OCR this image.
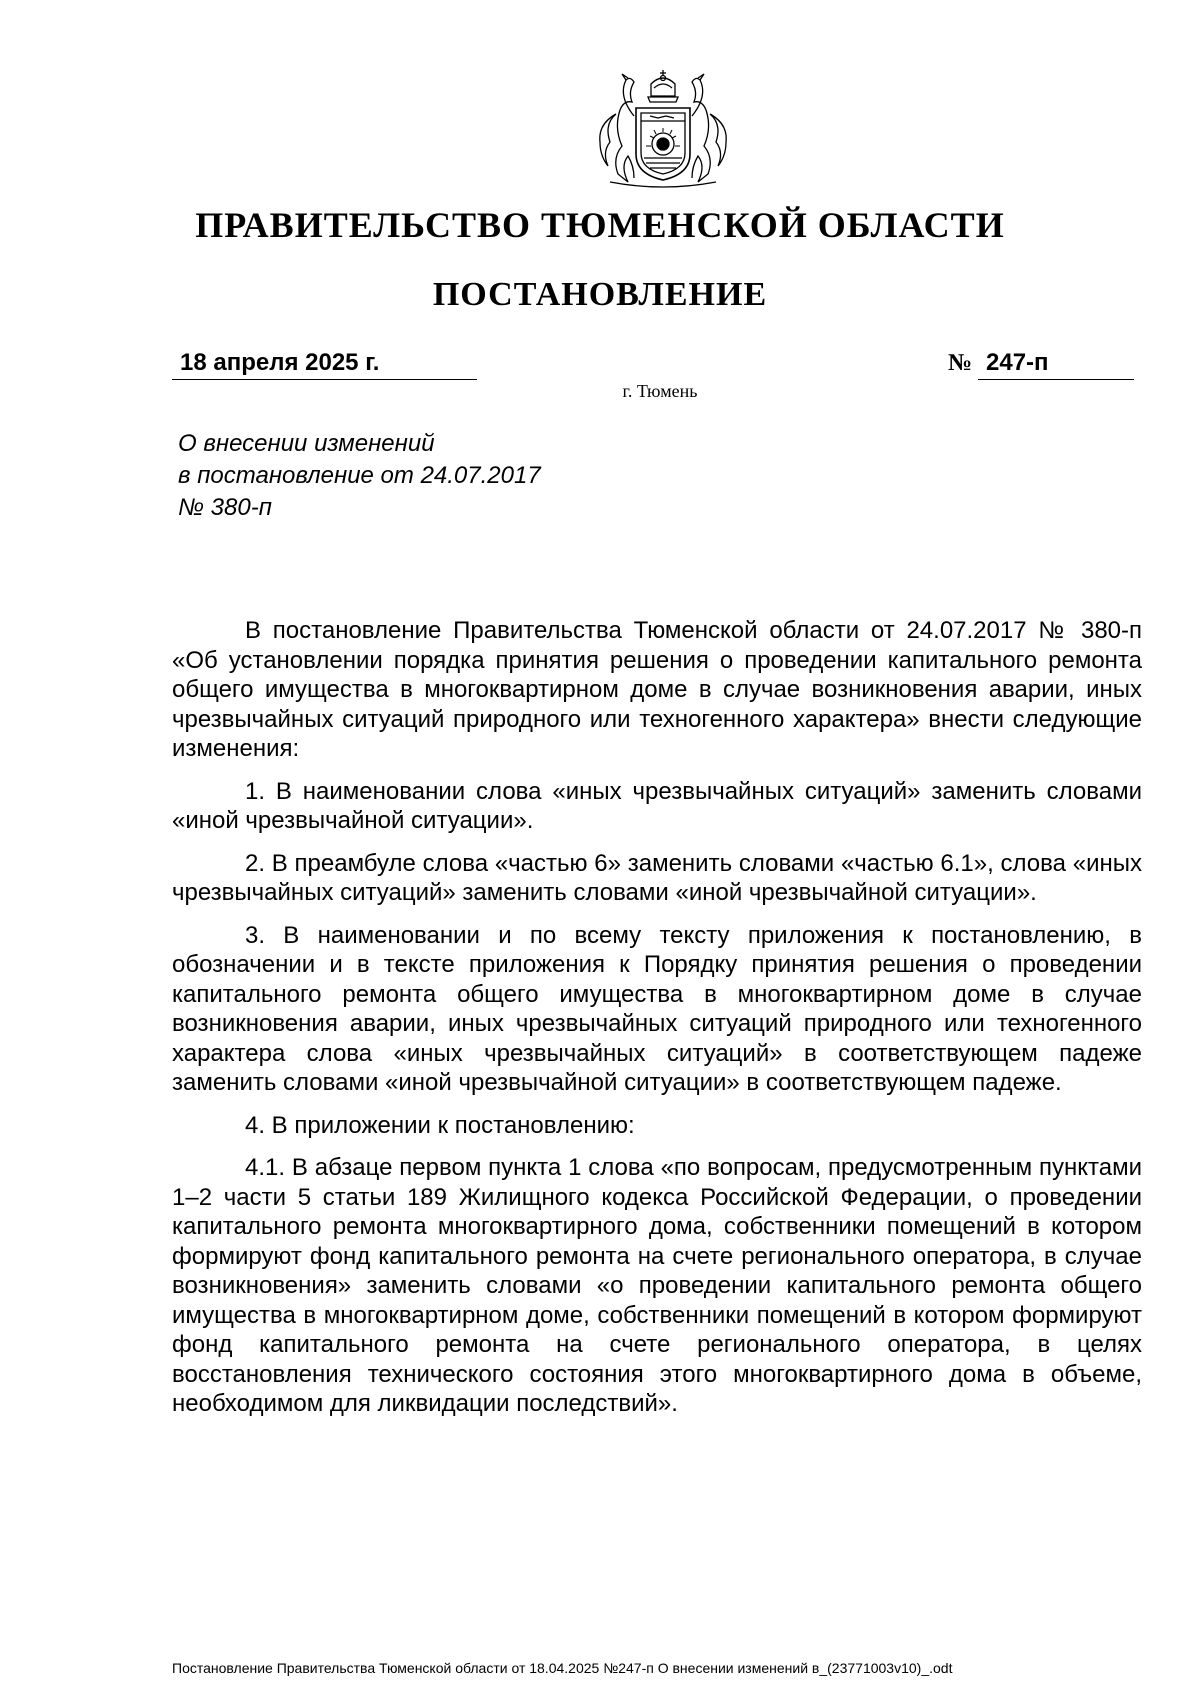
ПРАВИТЕЛЬСТВО ТЮМЕНСКОЙ ОБЛАСТИ
ПОСТАНОВЛЕНИЕ
18 апреля 2025 г.	№ 247-п
г. Тюмень
О внесении изменений
в постановление от 24.07.2017
№ 380-п

В постановление Правительства Тюменской области от 24.07.2017 № 380-п «Об установлении порядка принятия решения о проведении капитального ремонта общего имущества в многоквартирном доме в случае возникновения аварии, иных чрезвычайных ситуаций природного или техногенного характера» внести следующие изменения:

1. В наименовании слова «иных чрезвычайных ситуаций» заменить словами «иной чрезвычайной ситуации».

2. В преамбуле слова «частью 6» заменить словами «частью 6.1», слова «иных чрезвычайных ситуаций» заменить словами «иной чрезвычайной ситуации».

3. В наименовании и по всему тексту приложения к постановлению, в обозначении и в тексте приложения к Порядку принятия решения о проведении капитального ремонта общего имущества в многоквартирном доме в случае возникновения аварии, иных чрезвычайных ситуаций природного или техногенного характера слова «иных чрезвычайных ситуаций» в соответствующем падеже заменить словами «иной чрезвычайной ситуации» в соответствующем падеже.

4. В приложении к постановлению:

4.1. В абзаце первом пункта 1 слова «по вопросам, предусмотренным пунктами 1–2 части 5 статьи 189 Жилищного кодекса Российской Федерации, о проведении капитального ремонта многоквартирного дома, собственники помещений в котором формируют фонд капитального ремонта на счете регионального оператора, в случае возникновения» заменить словами «о проведении капитального ремонта общего имущества в многоквартирном доме, собственники помещений в котором формируют фонд капитального ремонта на счете регионального оператора, в целях восстановления технического состояния этого многоквартирного дома в объеме, необходимом для ликвидации последствий».

Постановление Правительства Тюменской области от 18.04.2025 №247-п О внесении изменений в_(23771003v10)_.odt
